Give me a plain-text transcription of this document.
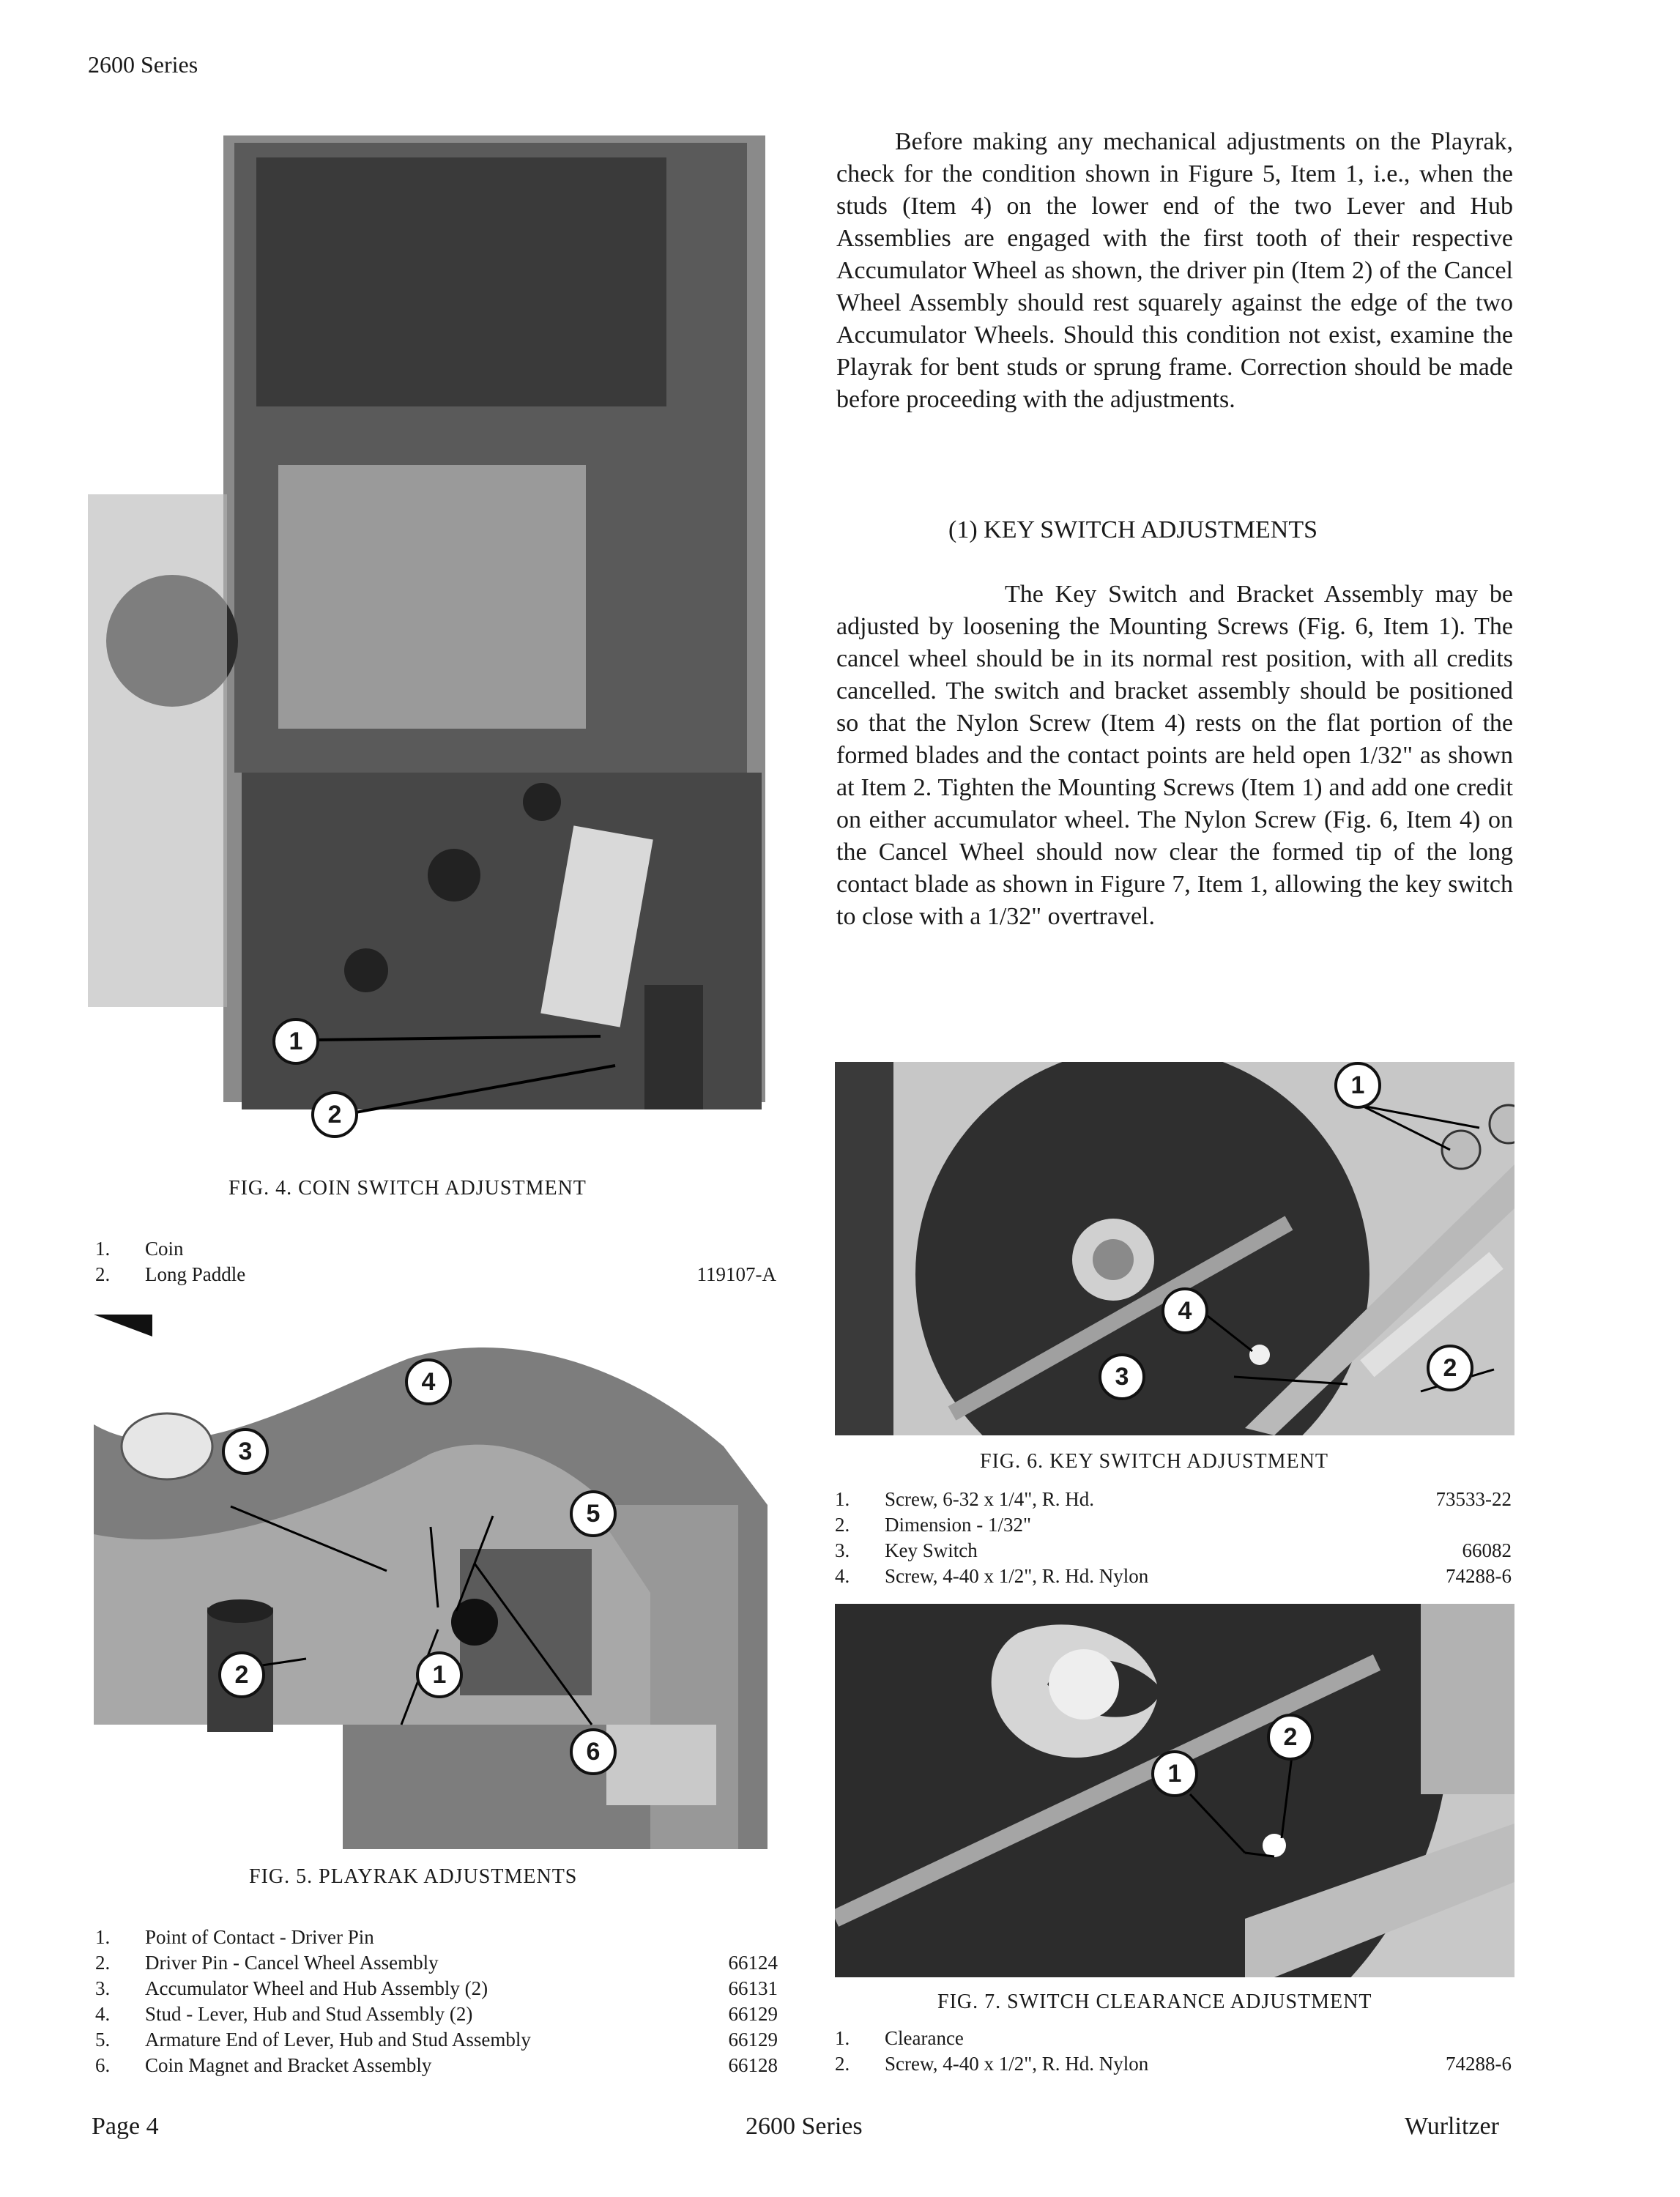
2600 Series
1
2
FIG. 4. COIN SWITCH ADJUSTMENT
1. Coin
2. Long Paddle	119107-A
4
3
5
2	1
6
FIG. 5. PLAYRAK ADJUSTMENTS
1. Point of Contact - Driver Pin
2. Driver Pin - Cancel Wheel Assembly	66124
3. Accumulator Wheel and Hub Assembly (2)	66131
4. Stud - Lever, Hub and Stud Assembly (2)	66129
5. Armature End of Lever, Hub and Stud Assembly	66129
6. Coin Magnet and Bracket Assembly	66128

Before making any mechanical adjustments on the Playrak, check for the condition shown in Figure 5, Item 1, i.e., when the studs (Item 4) on the lower end of the two Lever and Hub Assemblies are engaged with the first tooth of their respective Accumulator Wheel as shown, the driver pin (Item 2) of the Cancel Wheel Assembly should rest squarely against the edge of the two Accumulator Wheels. Should this condition not exist, examine the Playrak for bent studs or sprung frame. Correction should be made before proceeding with the adjustments.

(1) KEY SWITCH ADJUSTMENTS

The Key Switch and Bracket Assembly may be adjusted by loosening the Mounting Screws (Fig. 6, Item 1). The cancel wheel should be in its normal rest position, with all credits cancelled. The switch and bracket assembly should be positioned so that the Nylon Screw (Item 4) rests on the flat portion of the formed blades and the contact points are held open 1/32" as shown at Item 2. Tighten the Mounting Screws (Item 1) and add one credit on either accumulator wheel. The Nylon Screw (Fig. 6, Item 4) on the Cancel Wheel should now clear the formed tip of the long contact blade as shown in Figure 7, Item 1, allowing the key switch to close with a 1/32" overtravel.

1
4
3	2
FIG. 6. KEY SWITCH ADJUSTMENT
1. Screw, 6-32 x 1/4", R. Hd.	73533-22
2. Dimension - 1/32"
3. Key Switch	66082
4. Screw, 4-40 x 1/2", R. Hd. Nylon	74288-6
2
1
FIG. 7. SWITCH CLEARANCE ADJUSTMENT
1. Clearance
2. Screw, 4-40 x 1/2", R. Hd. Nylon	74288-6
Page 4	2600 Series	Wurlitzer
